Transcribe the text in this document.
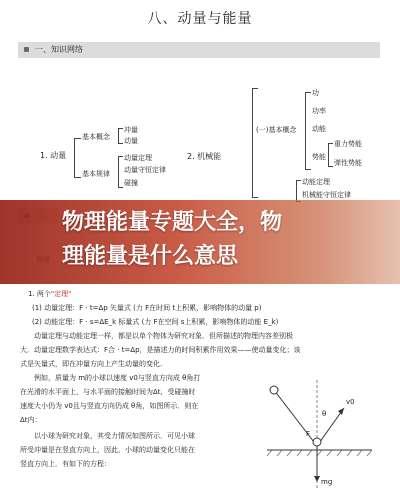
八、动量与能量
一、知识网络
1. 动量
基本概念
基本规律
冲量
动量
动量定理
动量守恒定律
碰撞
2. 机械能
(一)基本概念
功
功率
动能
势能
重力势能
弹性势能
动能定理
机械能守恒定律
1. 两个"定理"
(1) 动量定理：F · t=Δp 矢量式 (力 F在时间 t上积累，影响物体的动量 p)
(2) 动能定理：F · s=ΔE_k 标量式 (力 F在空间 s上积累，影响物体的动能 E_k)
动量定理与动能定理一样，都是以单个物体为研究对象．但所描述的物理内容差别极
大．动量定理数学表达式：F合 · t=Δp，是描述力的时间积累作用效果——使动量变化；该
式是矢量式，即在冲量方向上产生动量的变化．
例如，质量为 m的小球以速度 v0与竖直方向成 θ角打
在光滑的水平面上，与水平面的接触时间为Δt，受碰撞时
速度大小仍为 v0且与竖直方向仍成 θ角，如图所示．则在
Δt内：
以小球为研究对象，其受力情况如图所示．可见小球
所受冲量是在竖直方向上，因此，小球的动量变化只能在
竖直方向上．有如下的方程：
θ
v0
F
mg
物理能量专题大全，物
理能量是什么意思
